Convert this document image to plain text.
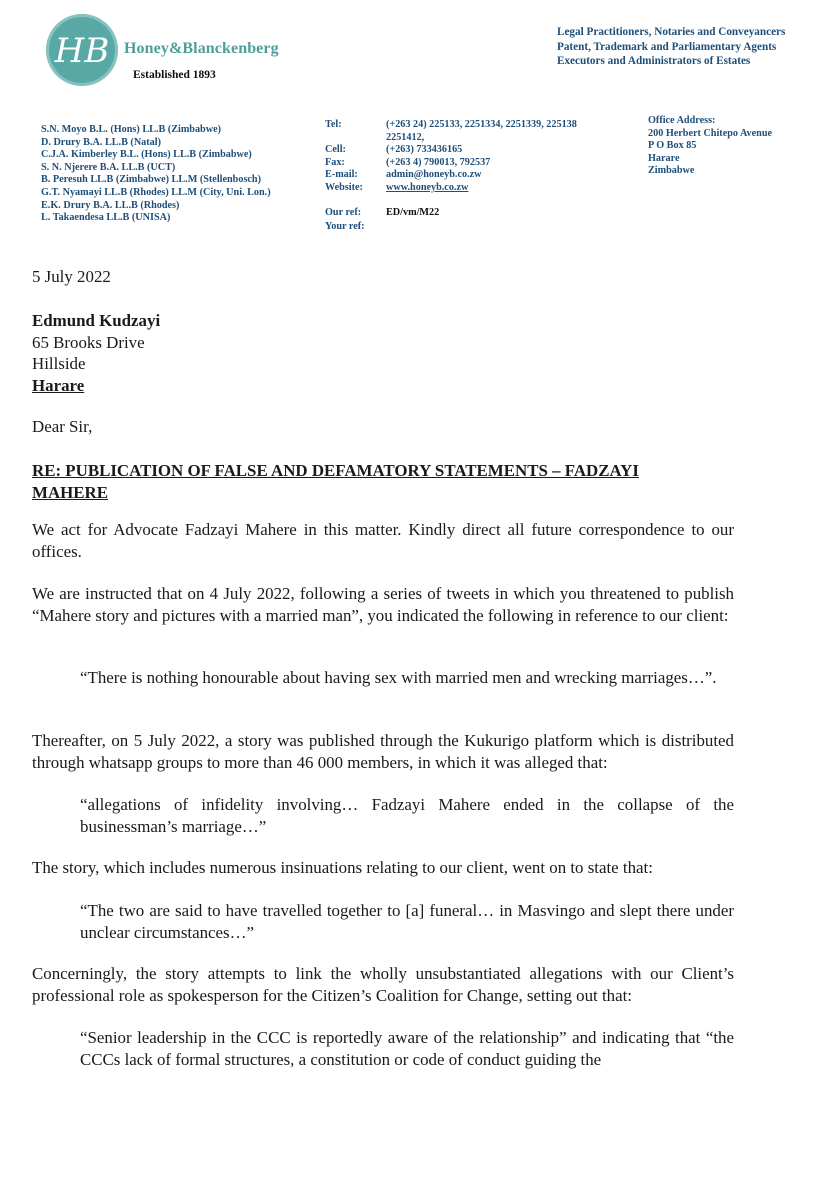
HB Honey&Blanckenberg
Established 1893
Legal Practitioners, Notaries and Conveyancers
Patent, Trademark and Parliamentary Agents
Executors and Administrators of Estates
S.N. Moyo B.L. (Hons) LL.B (Zimbabwe)
D. Drury B.A. LL.B (Natal)
C.J.A. Kimberley B.L. (Hons) LL.B (Zimbabwe)
S. N. Njerere B.A. LL.B (UCT)
B. Peresuh LL.B (Zimbabwe) LL.M (Stellenbosch)
G.T. Nyamayi LL.B (Rhodes) LL.M (City, Uni. Lon.)
E.K. Drury B.A. LL.B (Rhodes)
L. Takaendesa LL.B (UNISA)
Tel:
Cell:
Fax:
E-mail:
Website:
Our ref:
Your ref:
(+263 24) 225133, 2251334, 2251339, 225138
2251412,
(+263) 733436165
(+263 4) 790013, 792537
admin@honeyb.co.zw
www.honeyb.co.zw
ED/vm/M22
Office Address:
200 Herbert Chitepo Avenue
P O Box 85
Harare
Zimbabwe
5 July 2022
Edmund Kudzayi
65 Brooks Drive
Hillside
Harare
Dear Sir,
RE: PUBLICATION OF FALSE AND DEFAMATORY STATEMENTS – FADZAYI
MAHERE
We act for Advocate Fadzayi Mahere in this matter. Kindly direct all future correspondence to our offices.
We are instructed that on 4 July 2022, following a series of tweets in which you threatened to publish “Mahere story and pictures with a married man”, you indicated the following in reference to our client:
“There is nothing honourable about having sex with married men and wrecking marriages…”.
Thereafter, on 5 July 2022, a story was published through the Kukurigo platform which is distributed through whatsapp groups to more than 46 000 members, in which it was alleged that:
“allegations of infidelity involving… Fadzayi Mahere ended in the collapse of the businessman’s marriage…”
The story, which includes numerous insinuations relating to our client, went on to state that:
“The two are said to have travelled together to [a] funeral… in Masvingo and slept there under unclear circumstances…”
Concerningly, the story attempts to link the wholly unsubstantiated allegations with our Client’s professional role as spokesperson for the Citizen’s Coalition for Change, setting out that:
“Senior leadership in the CCC is reportedly aware of the relationship” and indicating that “the CCCs lack of formal structures, a constitution or code of conduct guiding the
